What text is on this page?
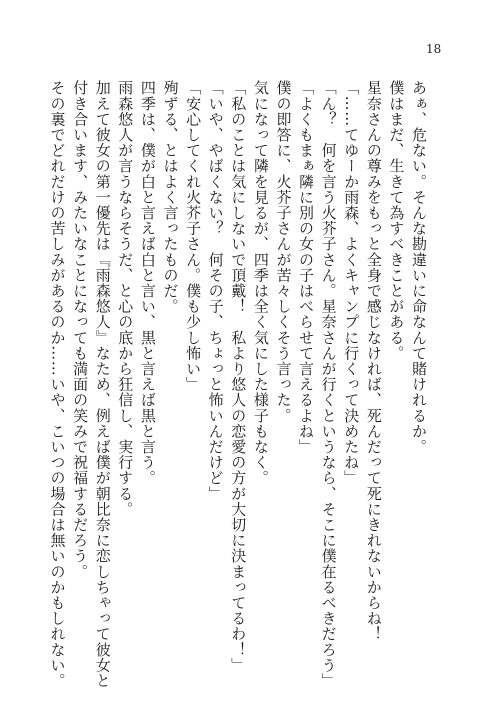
18
あぁ、危ない。そんな勘違いに命なんて賭けれるか。
僕はまだ、生きて為すべきことがある。
星奈さんの尊みをもっと全身で感じなければ、死んだって死にきれないからね！
「……てゆーか雨森、よくキャンプに行くって決めたね」
「ん？　何を言う火芥子さん。星奈さんが行くというなら、そこに僕在るべきだろう」
「よくもまぁ隣に別の女の子はべらせて言えるよね」
僕の即答に、火芥子さんが苦々しくそう言った。
気になって隣を見るが、四季は全く気にした様子もなく。
「私のことは気にしないで頂戴！　私より悠人の恋愛の方が大切に決まってるわ！」
「いや、やばくない？　何その子、ちょっと怖いんだけど」
「安心してくれ火芥子さん。僕も少し怖い」
殉ずる、とはよく言ったものだ。
四季は、僕が白と言えば白と言い、黒と言えば黒と言う。
雨森悠人が言うならそうだ、と心の底から狂信し、実行する。
加えて彼女の第一優先は『雨森悠人』なため、例えば僕が朝比奈に恋しちゃって彼女と
付き合います、みたいなことになっても満面の笑みで祝福するだろう。
その裏でどれだけの苦しみがあるのか……いや、こいつの場合は無いのかもしれない。
